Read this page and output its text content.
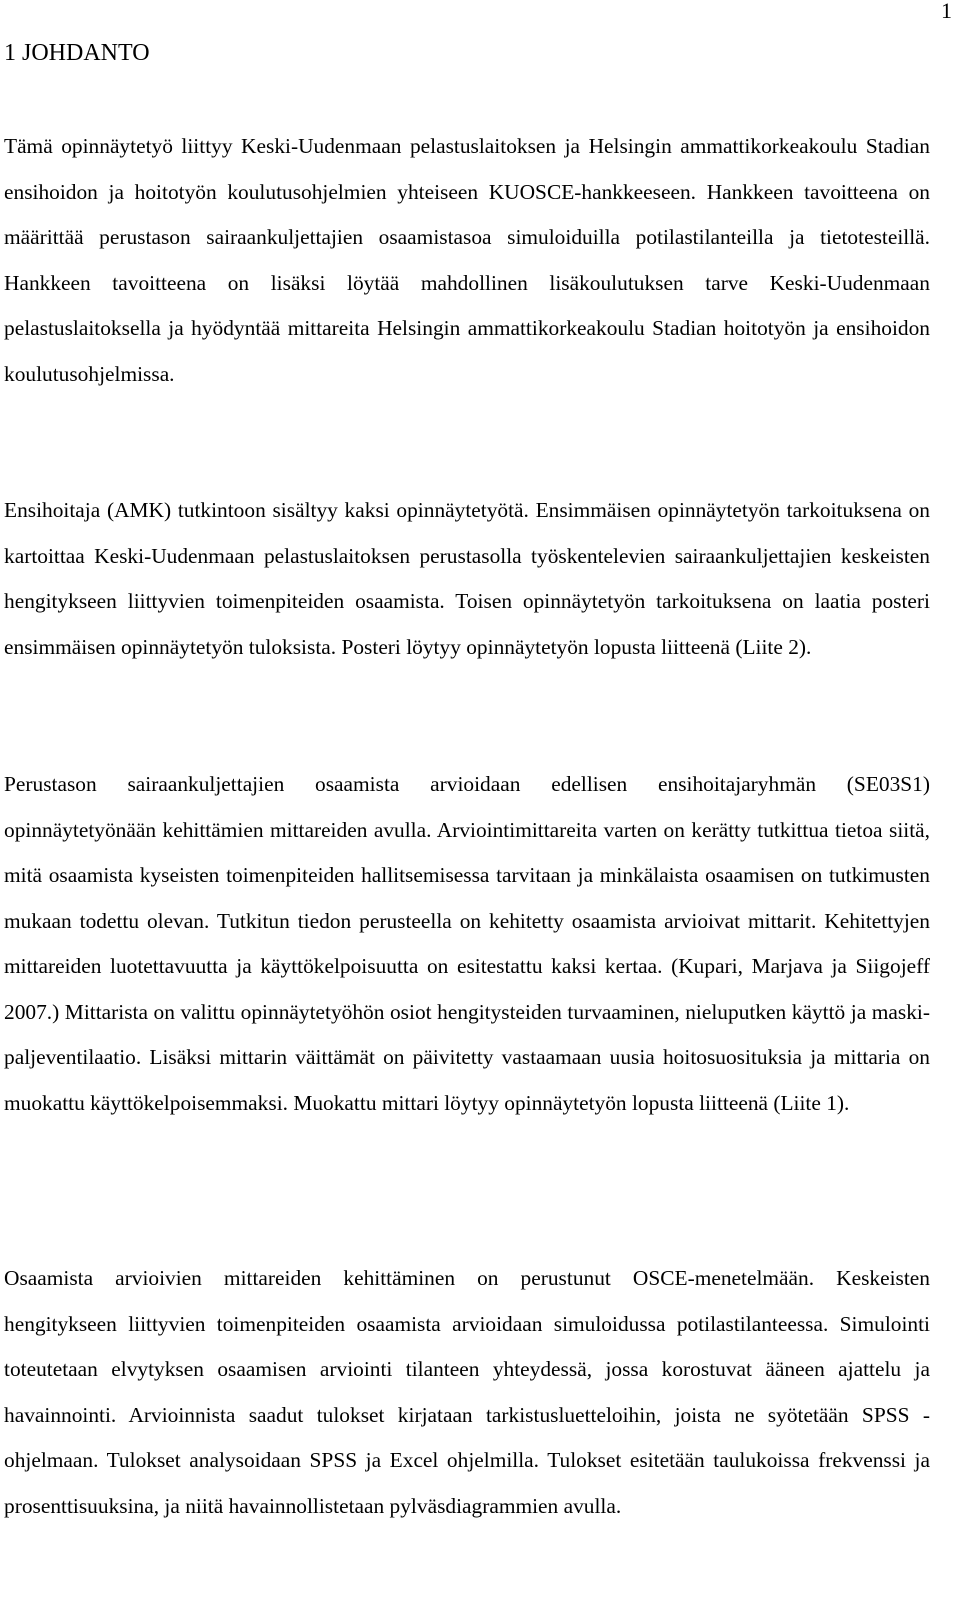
1
1 JOHDANTO

Tämä opinnäytetyö liittyy Keski-Uudenmaan pelastuslaitoksen ja Helsingin ammattikorkeakoulu Stadian ensihoidon ja hoitotyön koulutusohjelmien yhteiseen KUOSCE-hankkeeseen. Hankkeen tavoitteena on määrittää perustason sairaankuljettajien osaamistasoa simuloiduilla potilastilanteilla ja tietotesteillä. Hankkeen tavoitteena on lisäksi löytää mahdollinen lisäkoulutuksen tarve Keski-Uudenmaan pelastuslaitoksella ja hyödyntää mittareita Helsingin ammattikorkeakoulu Stadian hoitotyön ja ensihoidon koulutusohjelmissa.

Ensihoitaja (AMK) tutkintoon sisältyy kaksi opinnäytetyötä. Ensimmäisen opinnäytetyön tarkoituksena on kartoittaa Keski-Uudenmaan pelastuslaitoksen perustasolla työskentelevien sairaankuljettajien keskeisten hengitykseen liittyvien toimenpiteiden osaamista. Toisen opinnäytetyön tarkoituksena on laatia posteri ensimmäisen opinnäytetyön tuloksista. Posteri löytyy opinnäytetyön lopusta liitteenä (Liite 2).

Perustason sairaankuljettajien osaamista arvioidaan edellisen ensihoitajaryhmän (SE03S1) opinnäytetyönään kehittämien mittareiden avulla. Arviointimittareita varten on kerätty tutkittua tietoa siitä, mitä osaamista kyseisten toimenpiteiden hallitsemisessa tarvitaan ja minkälaista osaamisen on tutkimusten mukaan todettu olevan. Tutkitun tiedon perusteella on kehitetty osaamista arvioivat mittarit. Kehitettyjen mittareiden luotettavuutta ja käyttökelpoisuutta on esitestattu kaksi kertaa. (Kupari, Marjava ja Siigojeff 2007.) Mittarista on valittu opinnäytetyöhön osiot hengitysteiden turvaaminen, nieluputken käyttö ja maski-paljeventilaatio. Lisäksi mittarin väittämät on päivitetty vastaamaan uusia hoitosuosituksia ja mittaria on muokattu käyttökelpoisemmaksi. Muokattu mittari löytyy opinnäytetyön lopusta liitteenä (Liite 1).

Osaamista arvioivien mittareiden kehittäminen on perustunut OSCE-menetelmään. Keskeisten hengitykseen liittyvien toimenpiteiden osaamista arvioidaan simuloidussa potilastilanteessa. Simulointi toteutetaan elvytyksen osaamisen arviointi tilanteen yhteydessä, jossa korostuvat ääneen ajattelu ja havainnointi. Arvioinnista saadut tulokset kirjataan tarkistusluetteloihin, joista ne syötetään SPSS -ohjelmaan. Tulokset analysoidaan SPSS ja Excel ohjelmilla. Tulokset esitetään taulukoissa frekvenssi ja prosenttisuuksina, ja niitä havainnollistetaan pylväsdiagrammien avulla.
